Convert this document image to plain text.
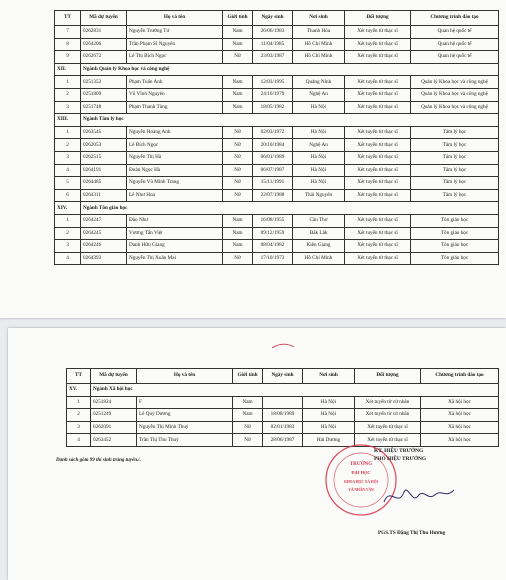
TT	Mã dự tuyển	Họ và tên	Giới tính	Ngày sinh	Nơi sinh	Đối tượng	Chương trình đào tạo
7	0262831	Nguyễn Trường Tứ	Nam	26/06/1983	Thanh Hóa	Xét tuyển từ thạc sĩ	Quan hệ quốc tế
8	0264206	Trần Phạm Sĩ Nguyên	Nam	11/04/1985	Hồ Chí Minh	Xét tuyển từ thạc sĩ	Quan hệ quốc tế
9	0262672	Lê Thị Bích Ngọc	Nữ	23/03/1987	Hồ Chí Minh	Xét tuyển từ thạc sĩ	Quan hệ quốc tế
XII.	Ngành Quản lý Khoa học và công nghệ						
1	0251352	Phạm Tuấn Anh	Nam	12/03/1995	Quảng Ninh	Xét tuyển từ thạc sĩ	Quản lý Khoa học và công nghệ
2	0251809	Vũ Vĩnh Nguyên	Nam	24/10/1979	Nghệ An	Xét tuyển từ thạc sĩ	Quản lý Khoa học và công nghệ
3	0251748	Phạm Thanh Tùng	Nam	18/05/1982	Hà Nội	Xét tuyển từ thạc sĩ	Quản lý Khoa học và công nghệ
XIII.	Ngành Tâm lý học						
1	0263545	Nguyễn Hoàng Anh	Nữ	02/03/1972	Hà Nội	Xét tuyển từ thạc sĩ	Tâm lý học
2	0262053	Lê Bích Ngọc	Nữ	20/10/1984	Nghệ An	Xét tuyển từ thạc sĩ	Tâm lý học
3	0262515	Nguyễn Thị Hà	Nữ	06/01/1989	Hà Nội	Xét tuyển từ thạc sĩ	Tâm lý học
4	0264191	Đoàn Ngọc Hà	Nữ	06/07/1987	Hà Nội	Xét tuyển từ thạc sĩ	Tâm lý học
5	0264485	Nguyễn Vũ Minh Trang	Nữ	15/11/1991	Hà Nội	Xét tuyển từ thạc sĩ	Tâm lý học
6	0264311	Lê Như Hoa	Nữ	22/07/1988	Thái Nguyên	Xét tuyển từ thạc sĩ	Tâm lý học
XIV.	Ngành Tôn giáo học						
1	0264247	Đào Như	Nam	16/08/1955	Cần Thơ	Xét tuyển từ thạc sĩ	Tôn giáo học
2	0264245	Vương Tấn Việt	Nam	09/12/1959	Đắk Lắk	Xét tuyển từ thạc sĩ	Tôn giáo học
3	0264246	Danh Hữu Giang	Nam	08/04/1982	Kiên Giang	Xét tuyển từ thạc sĩ	Tôn giáo học
4	0264393	Nguyễn Thị Xuân Mai	Nữ	17/10/1973	Hồ Chí Minh	Xét tuyển từ thạc sĩ	Tôn giáo học
TT	Mã dự tuyển	Họ và tên	Giới tính	Ngày sinh	Nơi sinh	Đối tượng	Chương trình đào tạo
XV.	Ngành Xã hội học						
1	0251824	F	Nam		Hà Nội	Xét tuyển từ cử nhân	Xã hội học
2	0251249	Lê Quý Dương	Nam	18/08/1989	Hà Nội	Xét tuyển từ cử nhân	Xã hội học
3	0262091	Nguyễn Thị Minh Thuý	Nữ	02/01/1983	Hà Nội	Xét tuyển từ thạc sĩ	Xã hội học
4	0263452	Trần Thị Thu Thuỷ	Nữ	28/06/1987	Hải Dương	Xét tuyển từ thạc sĩ	Xã hội học
Danh sách gồm 99 thí sinh trúng tuyển./.
TRƯỜNG
ĐẠI HỌC
KHOA HỌC XÃ HỘI
VÀ NHÂN VĂN
KT. HIỆU TRƯỞNG
PHÓ HIỆU TRƯỞNG
PGS.TS Đặng Thị Thu Hương
